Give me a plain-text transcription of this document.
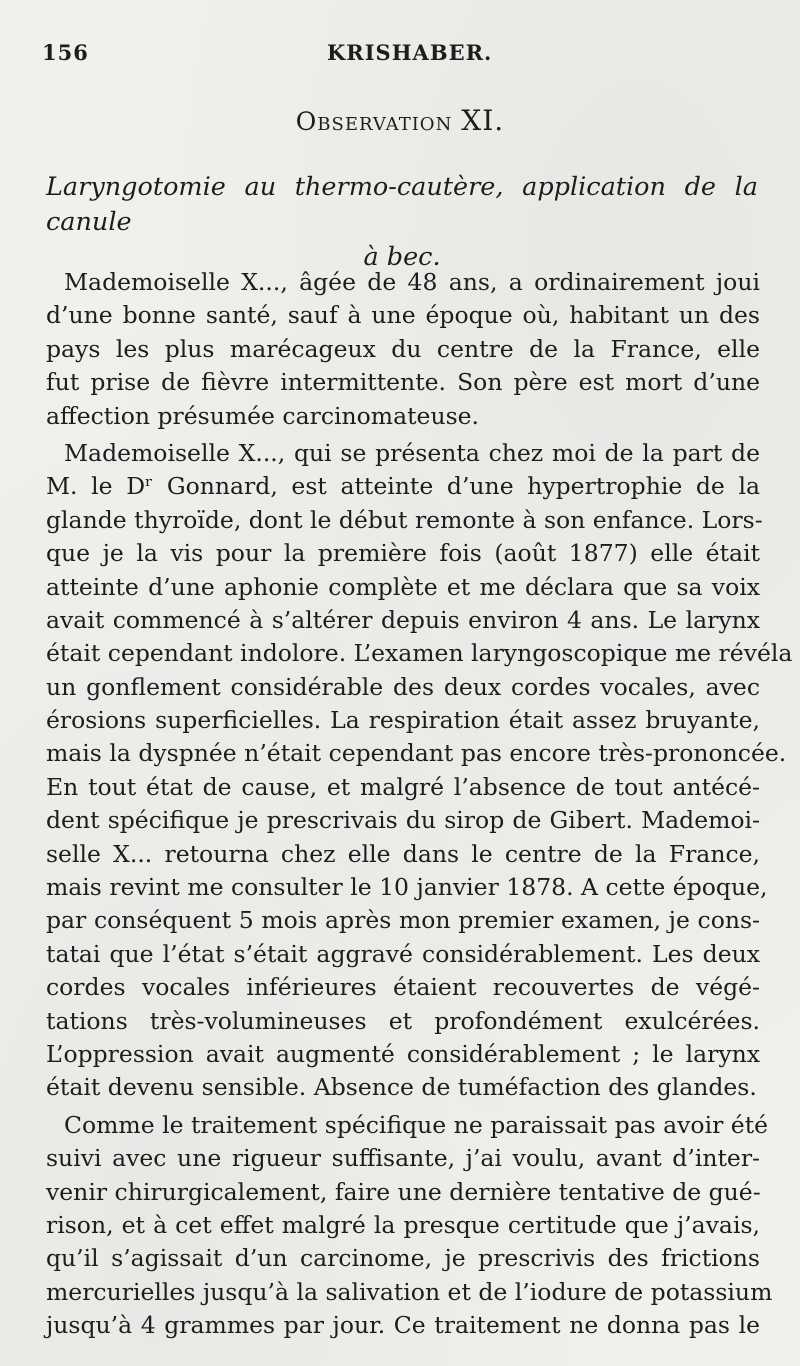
156	KRISHABER.
Observation XI.
Laryngotomie au thermo-cautère, application de la canule
à bec.
Mademoiselle X..., âgée de 48 ans, a ordinairement joui
d’une bonne santé, sauf à une époque où, habitant un des
pays les plus marécageux du centre de la France, elle
fut prise de fièvre intermittente. Son père est mort d’une
affection présumée carcinomateuse.
Mademoiselle X..., qui se présenta chez moi de la part de
M. le Dʳ Gonnard, est atteinte d’une hypertrophie de la
glande thyroïde, dont le début remonte à son enfance. Lors-
que je la vis pour la première fois (août 1877) elle était
atteinte d’une aphonie complète et me déclara que sa voix
avait commencé à s’altérer depuis environ 4 ans. Le larynx
était cependant indolore. L’examen laryngoscopique me révéla
un gonflement considérable des deux cordes vocales, avec
érosions superficielles. La respiration était assez bruyante,
mais la dyspnée n’était cependant pas encore très-prononcée.
En tout état de cause, et malgré l’absence de tout antécé-
dent spécifique je prescrivais du sirop de Gibert. Mademoi-
selle X... retourna chez elle dans le centre de la France,
mais revint me consulter le 10 janvier 1878. A cette époque,
par conséquent 5 mois après mon premier examen, je cons-
tatai que l’état s’était aggravé considérablement. Les deux
cordes vocales inférieures étaient recouvertes de végé-
tations très-volumineuses et profondément exulcérées.
L’oppression avait augmenté considérablement ; le larynx
était devenu sensible. Absence de tuméfaction des glandes.
Comme le traitement spécifique ne paraissait pas avoir été
suivi avec une rigueur suffisante, j’ai voulu, avant d’inter-
venir chirurgicalement, faire une dernière tentative de gué-
rison, et à cet effet malgré la presque certitude que j’avais,
qu’il s’agissait d’un carcinome, je prescrivis des frictions
mercurielles jusqu’à la salivation et de l’iodure de potassium
jusqu’à 4 grammes par jour. Ce traitement ne donna pas le
